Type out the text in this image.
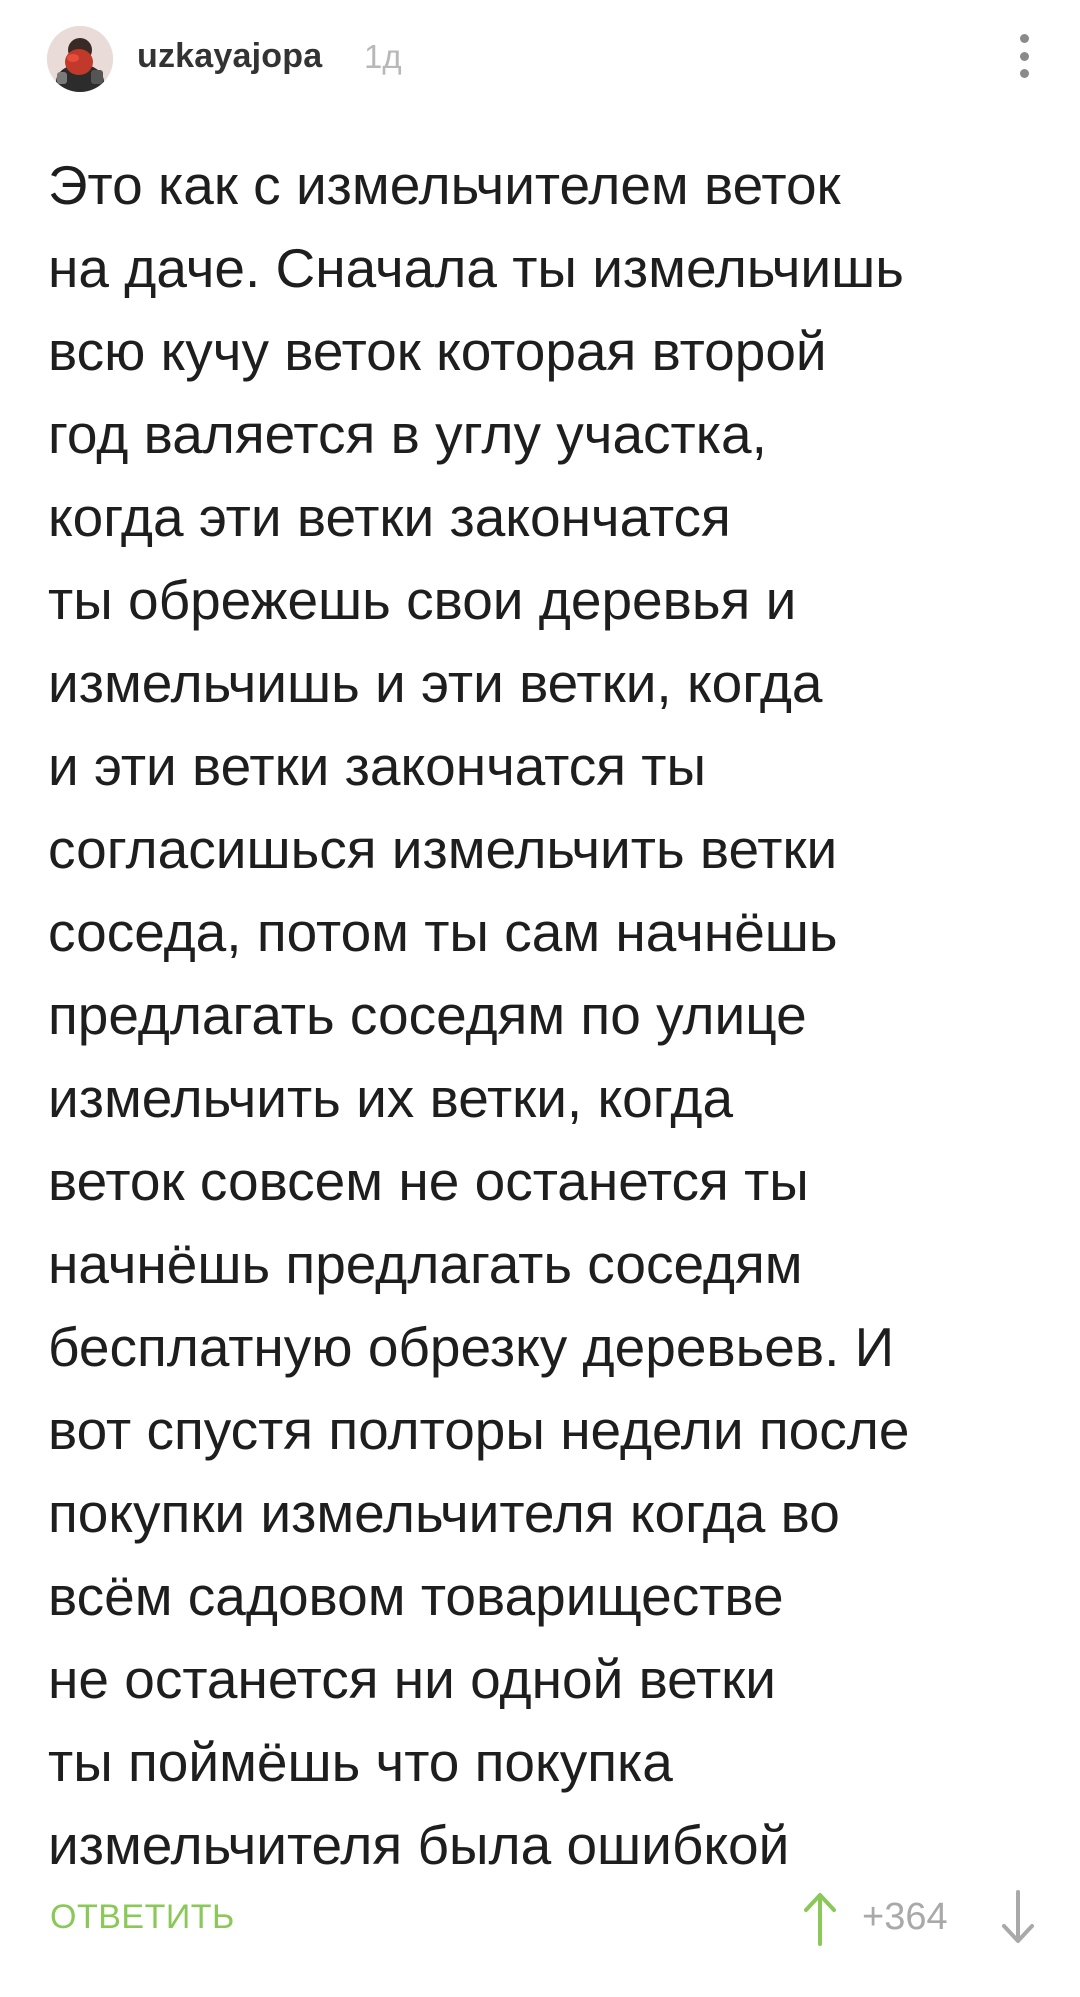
uzkayajopa 1д

Это как с измельчителем веток
на даче. Сначала ты измельчишь
всю кучу веток которая второй
год валяется в углу участка,
когда эти ветки закончатся
ты обрежешь свои деревья и
измельчишь и эти ветки, когда
и эти ветки закончатся ты
согласишься измельчить ветки
соседа, потом ты сам начнёшь
предлагать соседям по улице
измельчить их ветки, когда
веток совсем не останется ты
начнёшь предлагать соседям
бесплатную обрезку деревьев. И
вот спустя полторы недели после
покупки измельчителя когда во
всём садовом товариществе
не останется ни одной ветки
ты поймёшь что покупка
измельчителя была ошибкой

ОТВЕТИТЬ	+364
